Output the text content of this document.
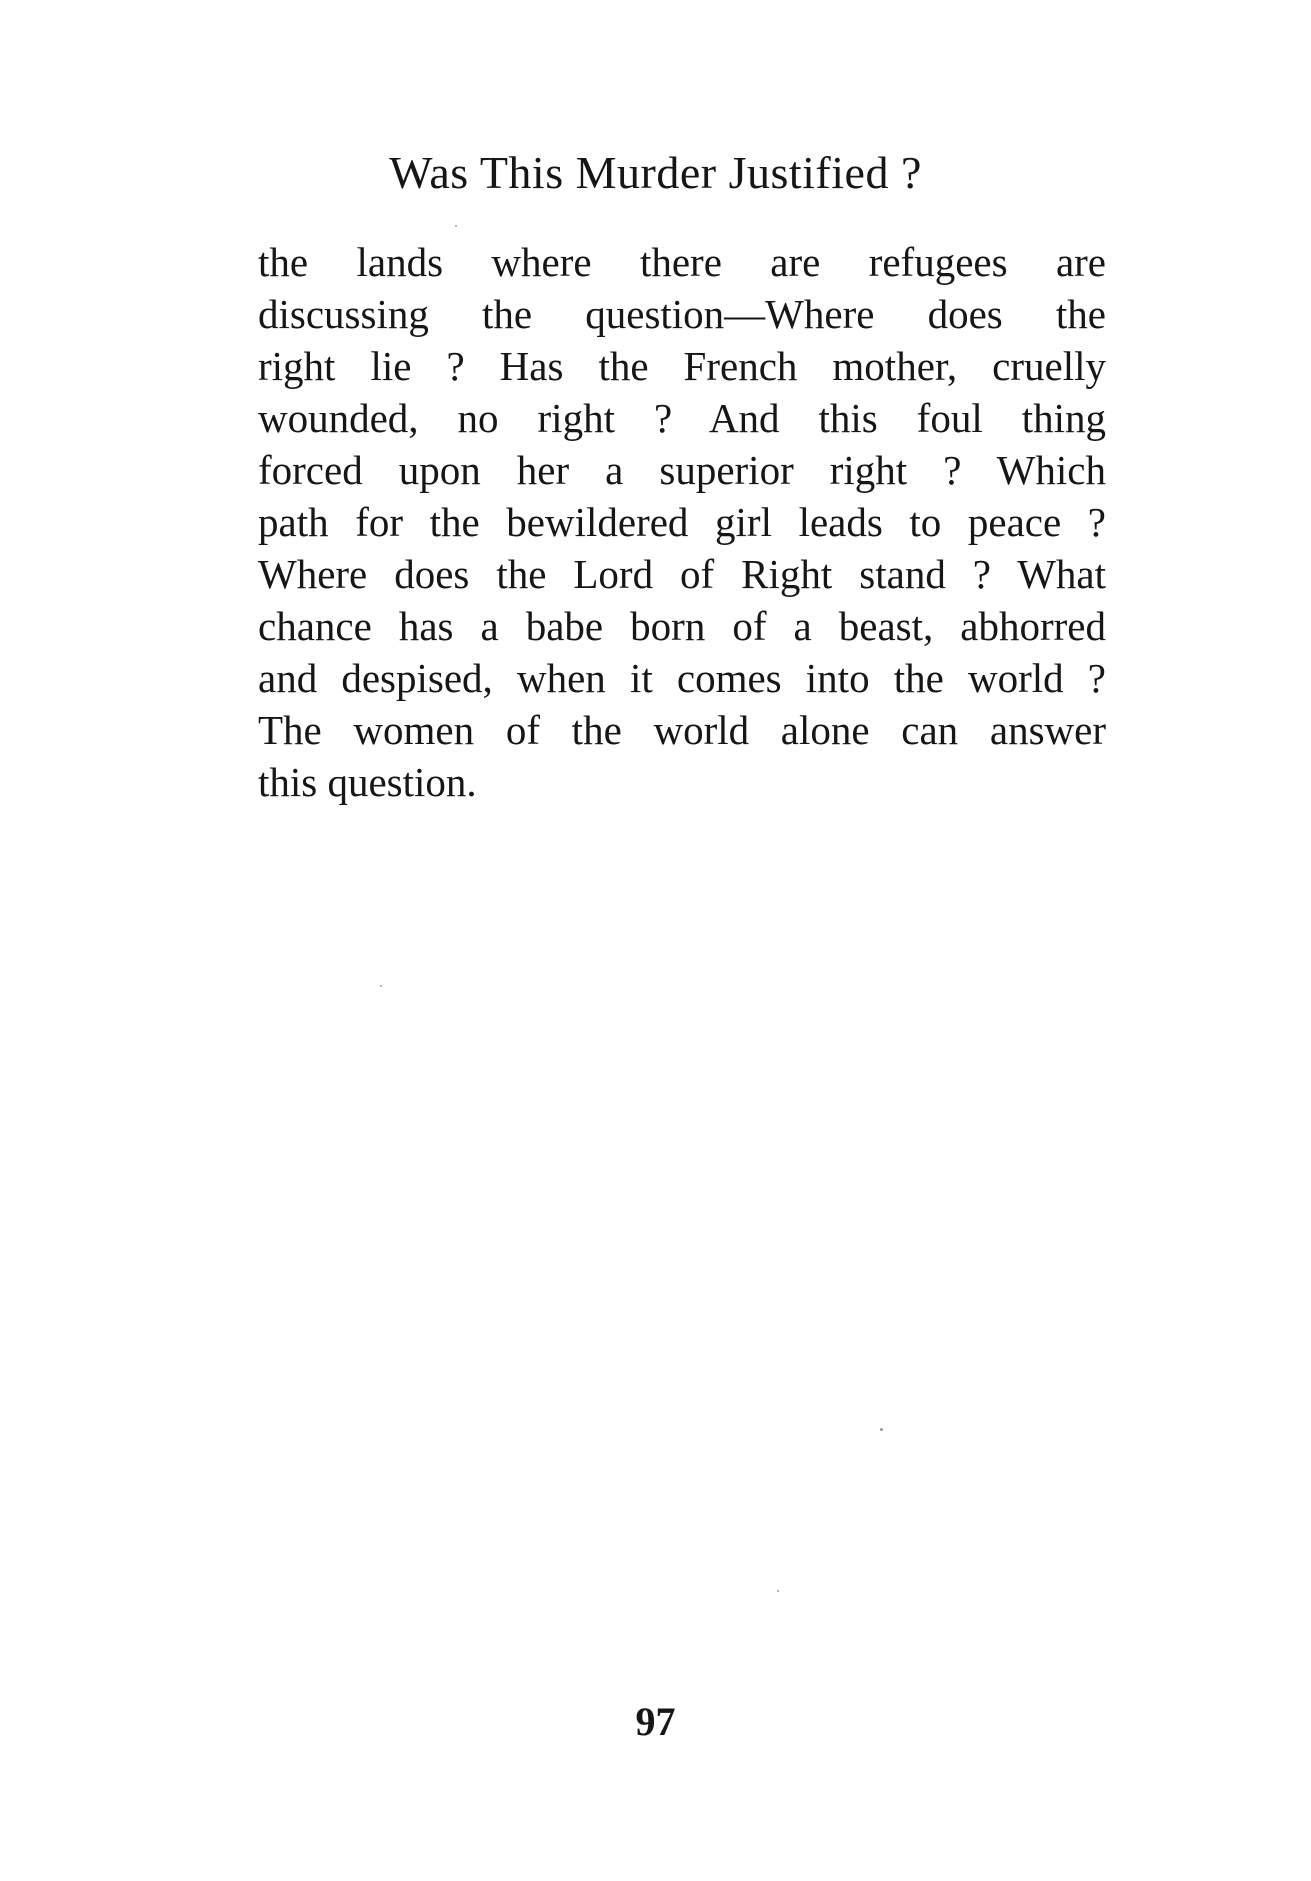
Was This Murder Justified ?
the lands where there are refugees are
discussing the question—Where does the
right lie ? Has the French mother, cruelly
wounded, no right ? And this foul thing
forced upon her a superior right ? Which
path for the bewildered girl leads to peace ?
Where does the Lord of Right stand ? What
chance has a babe born of a beast, abhorred
and despised, when it comes into the world ?
The women of the world alone can answer
this question.
97
